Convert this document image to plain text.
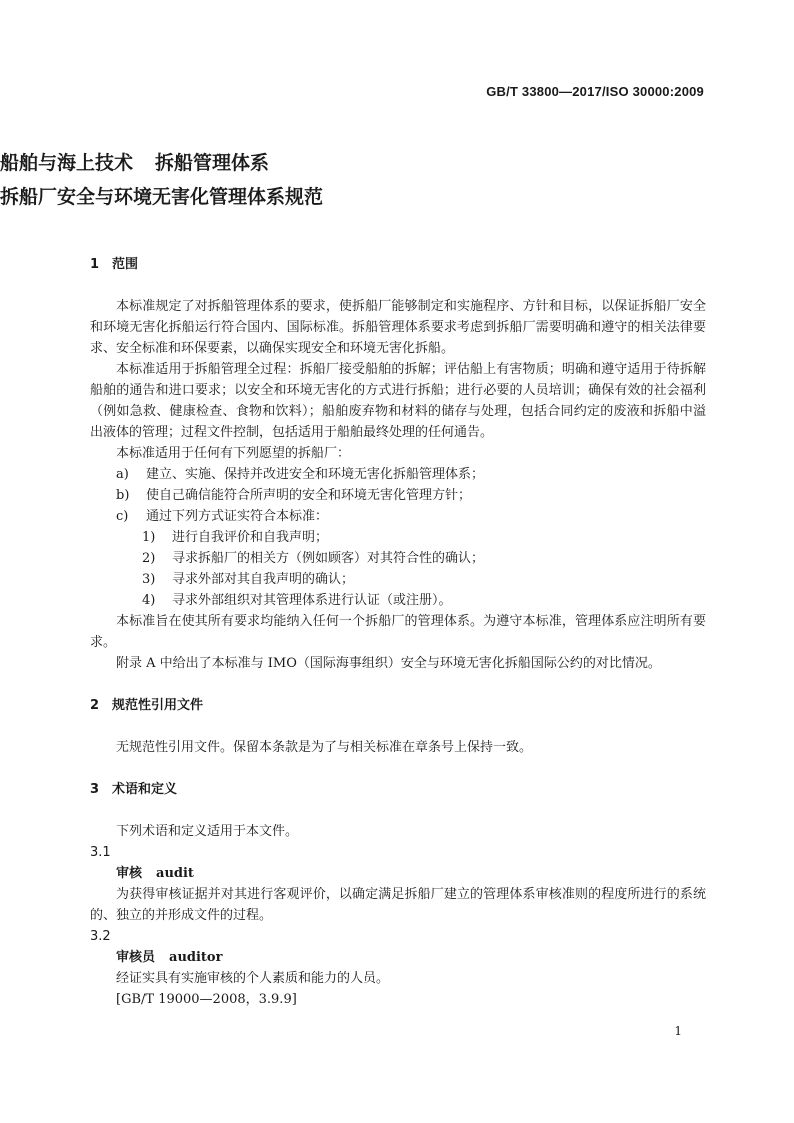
GB/T 33800—2017/ISO 30000:2009

船舶与海上技术 拆船管理体系

拆船厂安全与环境无害化管理体系规范

1 范围

本标准规定了对拆船管理体系的要求，使拆船厂能够制定和实施程序、方针和目标，以保证拆船厂安全和环境无害化拆船运行符合国内、国际标准。拆船管理体系要求考虑到拆船厂需要明确和遵守的相关法律要求、安全标准和环保要素，以确保实现安全和环境无害化拆船。

本标准适用于拆船管理全过程：拆船厂接受船舶的拆解；评估船上有害物质；明确和遵守适用于待拆解船舶的通告和进口要求；以安全和环境无害化的方式进行拆船；进行必要的人员培训；确保有效的社会福利（例如急救、健康检查、食物和饮料）；船舶废弃物和材料的储存与处理，包括合同约定的废液和拆船中溢出液体的管理；过程文件控制，包括适用于船舶最终处理的任何通告。

本标准适用于任何有下列愿望的拆船厂：

a) 建立、实施、保持并改进安全和环境无害化拆船管理体系；
b) 使自己确信能符合所声明的安全和环境无害化管理方针；
c) 通过下列方式证实符合本标准：
1) 进行自我评价和自我声明；
2) 寻求拆船厂的相关方（例如顾客）对其符合性的确认；
3) 寻求外部对其自我声明的确认；
4) 寻求外部组织对其管理体系进行认证（或注册）。

本标准旨在使其所有要求均能纳入任何一个拆船厂的管理体系。为遵守本标准，管理体系应注明所有要求。

附录 A 中给出了本标准与 IMO（国际海事组织）安全与环境无害化拆船国际公约的对比情况。

2 规范性引用文件

无规范性引用文件。保留本条款是为了与相关标准在章条号上保持一致。

3 术语和定义

下列术语和定义适用于本文件。

3.1
审核 audit

为获得审核证据并对其进行客观评价，以确定满足拆船厂建立的管理体系审核准则的程度所进行的系统的、独立的并形成文件的过程。

3.2
审核员 auditor

经证实具有实施审核的个人素质和能力的人员。

[GB/T 19000—2008，3.9.9]
1
